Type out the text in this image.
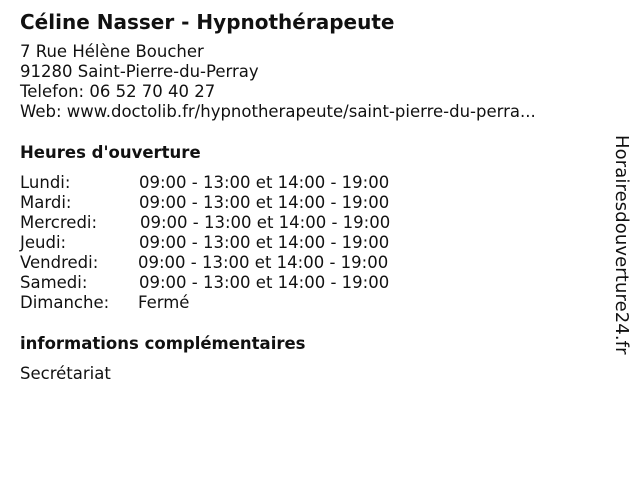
Céline Nasser - Hypnothérapeute
7 Rue Hélène Boucher
91280 Saint-Pierre-du-Perray
Telefon: 06 52 70 40 27
Web: www.doctolib.fr/hypnotherapeute/saint-pierre-du-perra...
Heures d'ouverture
Lundi:	09:00 - 13:00 et 14:00 - 19:00
Mardi:	09:00 - 13:00 et 14:00 - 19:00
Mercredi:	09:00 - 13:00 et 14:00 - 19:00
Jeudi:	09:00 - 13:00 et 14:00 - 19:00
Vendredi: 09:00 - 13:00 et 14:00 - 19:00
Samedi:	09:00 - 13:00 et 14:00 - 19:00
Dimanche: Fermé
informations complémentaires
Secrétariat
Horairesdouverture24.fr
